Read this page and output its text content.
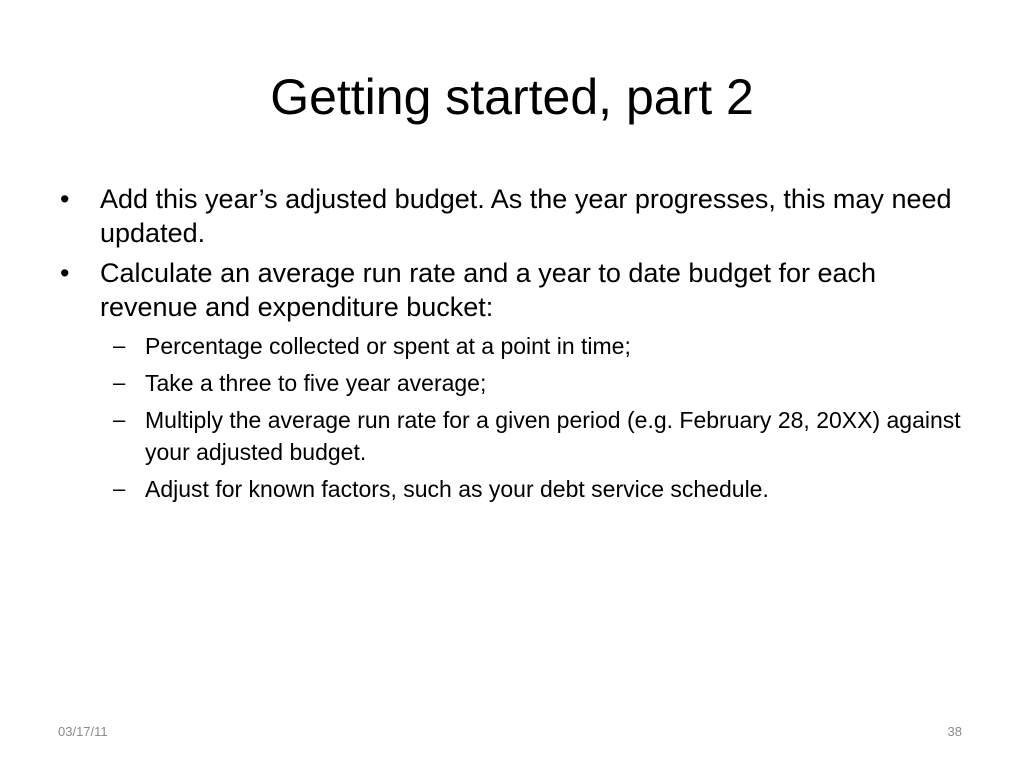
Getting started, part 2
•	Add this year’s adjusted budget. As the year progresses, this may need updated.
•	Calculate an average run rate and a year to date budget for each revenue and expenditure bucket:
– Percentage collected or spent at a point in time;
– Take a three to five year average;
– Multiply the average run rate for a given period (e.g. February 28, 20XX) against your adjusted budget.
– Adjust for known factors, such as your debt service schedule.
03/17/11	38
